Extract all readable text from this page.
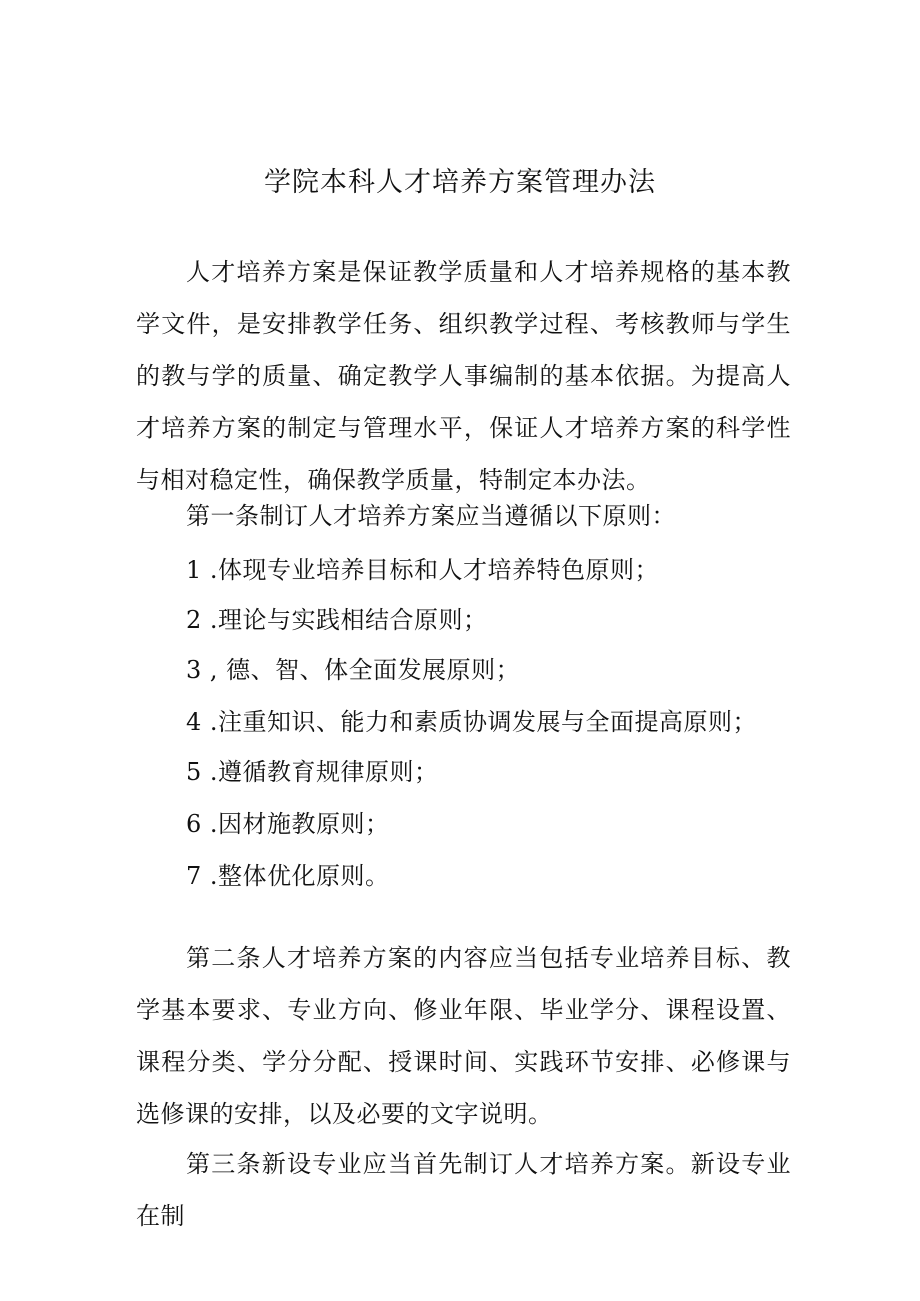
学院本科人才培养方案管理办法

人才培养方案是保证教学质量和人才培养规格的基本教学文件，是安排教学任务、组织教学过程、考核教师与学生的教与学的质量、确定教学人事编制的基本依据。为提高人才培养方案的制定与管理水平，保证人才培养方案的科学性与相对稳定性，确保教学质量，特制定本办法。

第一条制订人才培养方案应当遵循以下原则：

1 .体现专业培养目标和人才培养特色原则；

2 .理论与实践相结合原则；

3 , 德、智、体全面发展原则；

4 .注重知识、能力和素质协调发展与全面提高原则；

5 .遵循教育规律原则；

6 .因材施教原则；

7 .整体优化原则。

第二条人才培养方案的内容应当包括专业培养目标、教学基本要求、专业方向、修业年限、毕业学分、课程设置、课程分类、学分分配、授课时间、实践环节安排、必修课与选修课的安排，以及必要的文字说明。

第三条新设专业应当首先制订人才培养方案。新设专业在制
